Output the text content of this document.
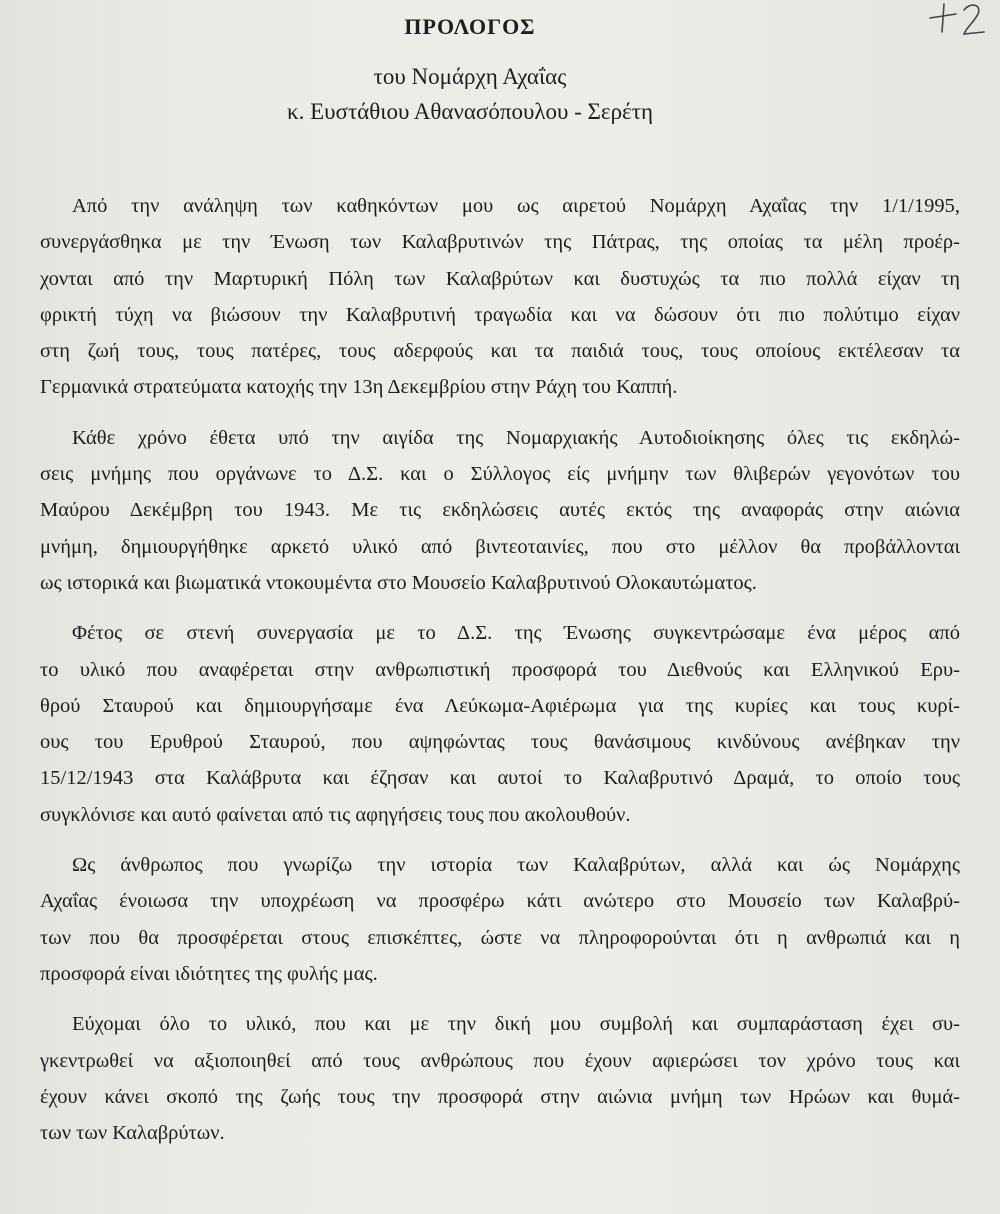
ΠΡΟΛΟΓΟΣ
του Νομάρχη Αχαΐας
κ. Ευστάθιου Αθανασόπουλου - Σερέτη

Από την ανάληψη των καθηκόντων μου ως αιρετού Νομάρχη Αχαΐας την 1/1/1995,
συνεργάσθηκα με την Ένωση των Καλαβρυτινών της Πάτρας, της οποίας τα μέλη προέρ-
χονται από την Μαρτυρική Πόλη των Καλαβρύτων και δυστυχώς τα πιο πολλά είχαν τη
φρικτή τύχη να βιώσουν την Καλαβρυτινή τραγωδία και να δώσουν ότι πιο πολύτιμο είχαν
στη ζωή τους, τους πατέρες, τους αδερφούς και τα παιδιά τους, τους οποίους εκτέλεσαν τα
Γερμανικά στρατεύματα κατοχής την 13η Δεκεμβρίου στην Ράχη του Καππή.

Κάθε χρόνο έθετα υπό την αιγίδα της Νομαρχιακής Αυτοδιοίκησης όλες τις εκδηλώ-
σεις μνήμης που οργάνωνε το Δ.Σ. και ο Σύλλογος είς μνήμην των θλιβερών γεγονότων του
Μαύρου Δεκέμβρη του 1943. Με τις εκδηλώσεις αυτές εκτός της αναφοράς στην αιώνια
μνήμη, δημιουργήθηκε αρκετό υλικό από βιντεοταινίες, που στο μέλλον θα προβάλλονται
ως ιστορικά και βιωματικά ντοκουμέντα στο Μουσείο Καλαβρυτινού Ολοκαυτώματος.

Φέτος σε στενή συνεργασία με το Δ.Σ. της Ένωσης συγκεντρώσαμε ένα μέρος από
το υλικό που αναφέρεται στην ανθρωπιστική προσφορά του Διεθνούς και Ελληνικού Ερυ-
θρού Σταυρού και δημιουργήσαμε ένα Λεύκωμα-Αφιέρωμα για της κυρίες και τους κυρί-
ους του Ερυθρού Σταυρού, που αψηφώντας τους θανάσιμους κινδύνους ανέβηκαν την
15/12/1943 στα Καλάβρυτα και έζησαν και αυτοί το Καλαβρυτινό Δραμά, το οποίο τους
συγκλόνισε και αυτό φαίνεται από τις αφηγήσεις τους που ακολουθούν.

Ως άνθρωπος που γνωρίζω την ιστορία των Καλαβρύτων, αλλά και ώς Νομάρχης
Αχαΐας ένοιωσα την υποχρέωση να προσφέρω κάτι ανώτερο στο Μουσείο των Καλαβρύ-
των που θα προσφέρεται στους επισκέπτες, ώστε να πληροφορούνται ότι η ανθρωπιά και η
προσφορά είναι ιδιότητες της φυλής μας.

Εύχομαι όλο το υλικό, που και με την δική μου συμβολή και συμπαράσταση έχει συ-
γκεντρωθεί να αξιοποιηθεί από τους ανθρώπους που έχουν αφιερώσει τον χρόνο τους και
έχουν κάνει σκοπό της ζωής τους την προσφορά στην αιώνια μνήμη των Ηρώων και θυμά-
των των Καλαβρύτων.
